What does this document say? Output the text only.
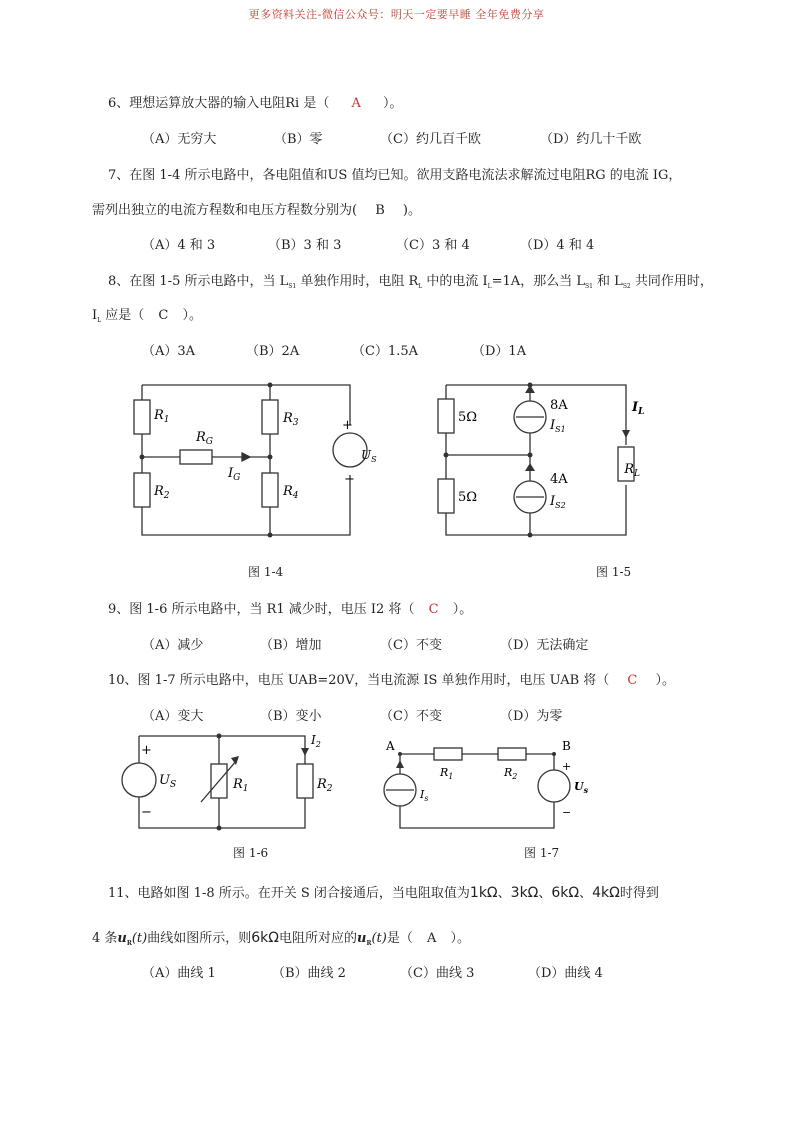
更多资料关注-微信公众号：明天一定要早睡 全年免费分享
6、理想运算放大器的输入电阻Ri 是（ A ）。
（A）无穷大	（B）零	（C）约几百千欧	（D）约几十千欧
7、在图 1-4 所示电路中，各电阻值和US 值均已知。欲用支路电流法求解流过电阻RG 的电流 IG，
需列出独立的电流方程数和电压方程数分别为( B )。
（A）4 和 3	（B）3 和 3	（C）3 和 4	（D）4 和 4
8、在图 1-5 所示电路中，当 $L_{S1}$ 单独作用时，电阻 $R_L$ 中的电流 $I_L=1A$，那么当 $L_{S1}$ 和 $L_{S2}$ 共同作用时，
$I_L$ 应是（ C ）。
（A）3A	（B）2A	（C）1.5A	（D）1A
$R_1$
$R_2$
$R_3$
$R_4$
$R_G$
$I_G$
+
−
$U_S$
图 1-4
5Ω
5Ω
8A
$I_{S1}$
4A
$I_{S2}$
$I_L$
$R_L$
图 1-5
9、图 1-6 所示电路中，当 R1 减少时，电压 I2 将（ C ）。
（A）减少	（B）增加	（C）不变	（D）无法确定
10、图 1-7 所示电路中，电压 UAB=20V，当电流源 IS 单独作用时，电压 UAB 将（ C ）。
（A）变大	（B）变小	（C）不变	（D）为零
+
−
$U_S$	$R_1$	$R_2$
$I_2$
图 1-6
A	B
$R_1$	$R_2$
$I_s$
$U_s$
+
−
图 1-7
11、电路如图 1-8 所示。在开关 S 闭合接通后，当电阻取值为1kΩ、3kΩ、6kΩ、4kΩ时得到
4 条$u_R(t)$曲线如图所示，则6kΩ电阻所对应的$u_R(t)$是（ A ）。
（A）曲线 1	（B）曲线 2	（C）曲线 3	（D）曲线 4
